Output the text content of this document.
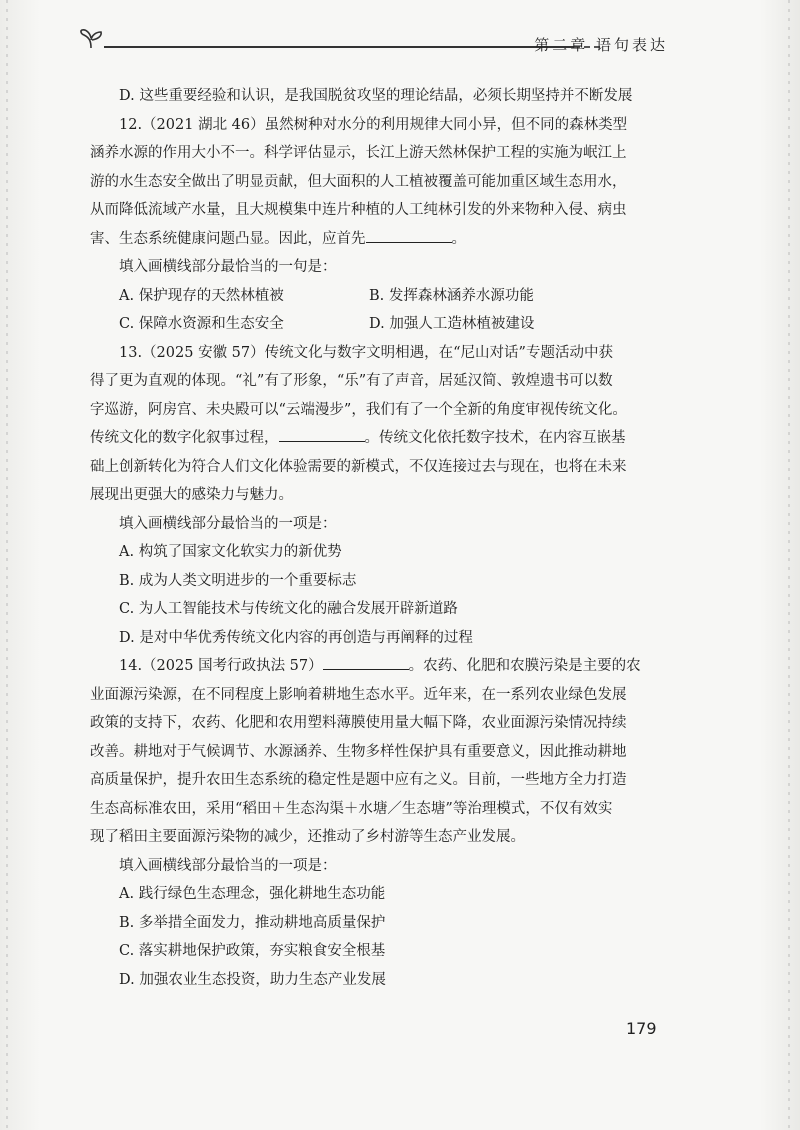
第二章 语句表达

D. 这些重要经验和认识，是我国脱贫攻坚的理论结晶，必须长期坚持并不断发展

12.（2021 湖北 46）虽然树种对水分的利用规律大同小异，但不同的森林类型

涵养水源的作用大小不一。科学评估显示，长江上游天然林保护工程的实施为岷江上

游的水生态安全做出了明显贡献，但大面积的人工植被覆盖可能加重区域生态用水，

从而降低流域产水量，且大规模集中连片种植的人工纯林引发的外来物种入侵、病虫

害、生态系统健康问题凸显。因此，应首先	。

填入画横线部分最恰当的一句是：

A. 保护现存的天然林植被	B. 发挥森林涵养水源功能
C. 保障水资源和生态安全	D. 加强人工造林植被建设

13.（2025 安徽 57）传统文化与数字文明相遇，在“尼山对话”专题活动中获

得了更为直观的体现。“礼”有了形象，“乐”有了声音，居延汉简、敦煌遗书可以数

字巡游，阿房宫、未央殿可以“云端漫步”，我们有了一个全新的角度审视传统文化。

传统文化的数字化叙事过程，	。传统文化依托数字技术，在内容互嵌基

础上创新转化为符合人们文化体验需要的新模式，不仅连接过去与现在，也将在未来

展现出更强大的感染力与魅力。

填入画横线部分最恰当的一项是：

A. 构筑了国家文化软实力的新优势

B. 成为人类文明进步的一个重要标志

C. 为人工智能技术与传统文化的融合发展开辟新道路

D. 是对中华优秀传统文化内容的再创造与再阐释的过程

14.（2025 国考行政执法 57）	。农药、化肥和农膜污染是主要的农

业面源污染源，在不同程度上影响着耕地生态水平。近年来，在一系列农业绿色发展

政策的支持下，农药、化肥和农用塑料薄膜使用量大幅下降，农业面源污染情况持续

改善。耕地对于气候调节、水源涵养、生物多样性保护具有重要意义，因此推动耕地

高质量保护，提升农田生态系统的稳定性是题中应有之义。目前，一些地方全力打造

生态高标准农田，采用“稻田＋生态沟渠＋水塘／生态塘”等治理模式，不仅有效实

现了稻田主要面源污染物的减少，还推动了乡村游等生态产业发展。

填入画横线部分最恰当的一项是：

A. 践行绿色生态理念，强化耕地生态功能

B. 多举措全面发力，推动耕地高质量保护

C. 落实耕地保护政策，夯实粮食安全根基

D. 加强农业生态投资，助力生态产业发展

179
